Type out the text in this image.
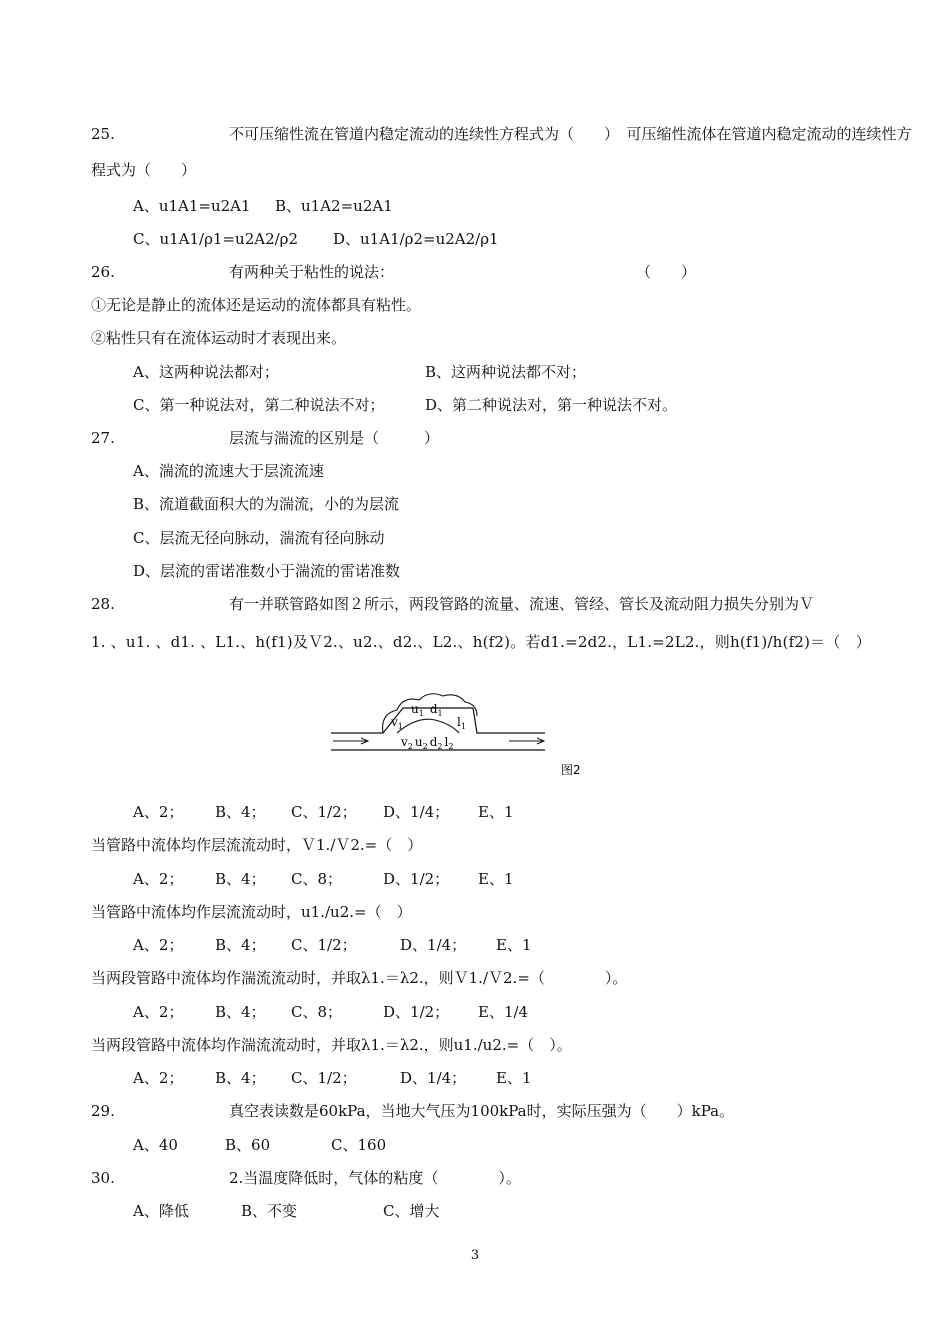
25.	不可压缩性流在管道内稳定流动的连续性方程式为（　　）　可压缩性流体在管道内稳定流动的连续性方
程式为（　　）
A、u1A1=u2A1 B、u1A2=u2A1
C、u1A1/ρ1=u2A2/ρ2 D、u1A1/ρ2=u2A2/ρ1
26.	有两种关于粘性的说法：	（　　）
①无论是静止的流体还是运动的流体都具有粘性。
②粘性只有在流体运动时才表现出来。
A、这两种说法都对；	B、这两种说法都不对；
C、第一种说法对，第二种说法不对；	D、第二种说法对，第一种说法不对。
27.	层流与湍流的区别是（　　　）
A、湍流的流速大于层流流速
B、流道截面积大的为湍流，小的为层流
C、层流无径向脉动，湍流有径向脉动
D、层流的雷诺准数小于湍流的雷诺准数
28.	有一并联管路如图２所示，两段管路的流量、流速、管经、管长及流动阻力损失分别为Ｖ
1. 、u1. 、d1. 、L1.、h(f1)及Ｖ2.、u2.、d2.、L2.、h(f2)。若d1.=2d2.，L1.=2L2.，则h(f1)/h(f2)＝（　）
$u_1$ $d_1$
$v_1$	$l_1$
$v_2$ $u_2$ $d_2$ $l_2$
图2
A、2； B、4； C、1/2； D、1/4； E、1
当管路中流体均作层流流动时，Ｖ1./Ｖ2.=（　）
A、2； B、4； C、8；	D、1/2； E、1
当管路中流体均作层流流动时，u1./u2.=（　）
A、2； B、4； C、1/2；	D、1/4； E、1
当两段管路中流体均作湍流流动时，并取λ1.＝λ2.，则Ｖ1./Ｖ2.=（　　　　）。
A、2； B、4； C、8；	D、1/2； E、1/4
当两段管路中流体均作湍流流动时，并取λ1.＝λ2.，则u1./u2.=（　）。
A、2； B、4； C、1/2；	D、1/4； E、1
29.	真空表读数是60kPa，当地大气压为100kPa时，实际压强为（　　）kPa。
A、40	B、60	C、160
30.	2.当温度降低时，气体的粘度（　　　　）。
A、降低	B、不变	C、增大
3
